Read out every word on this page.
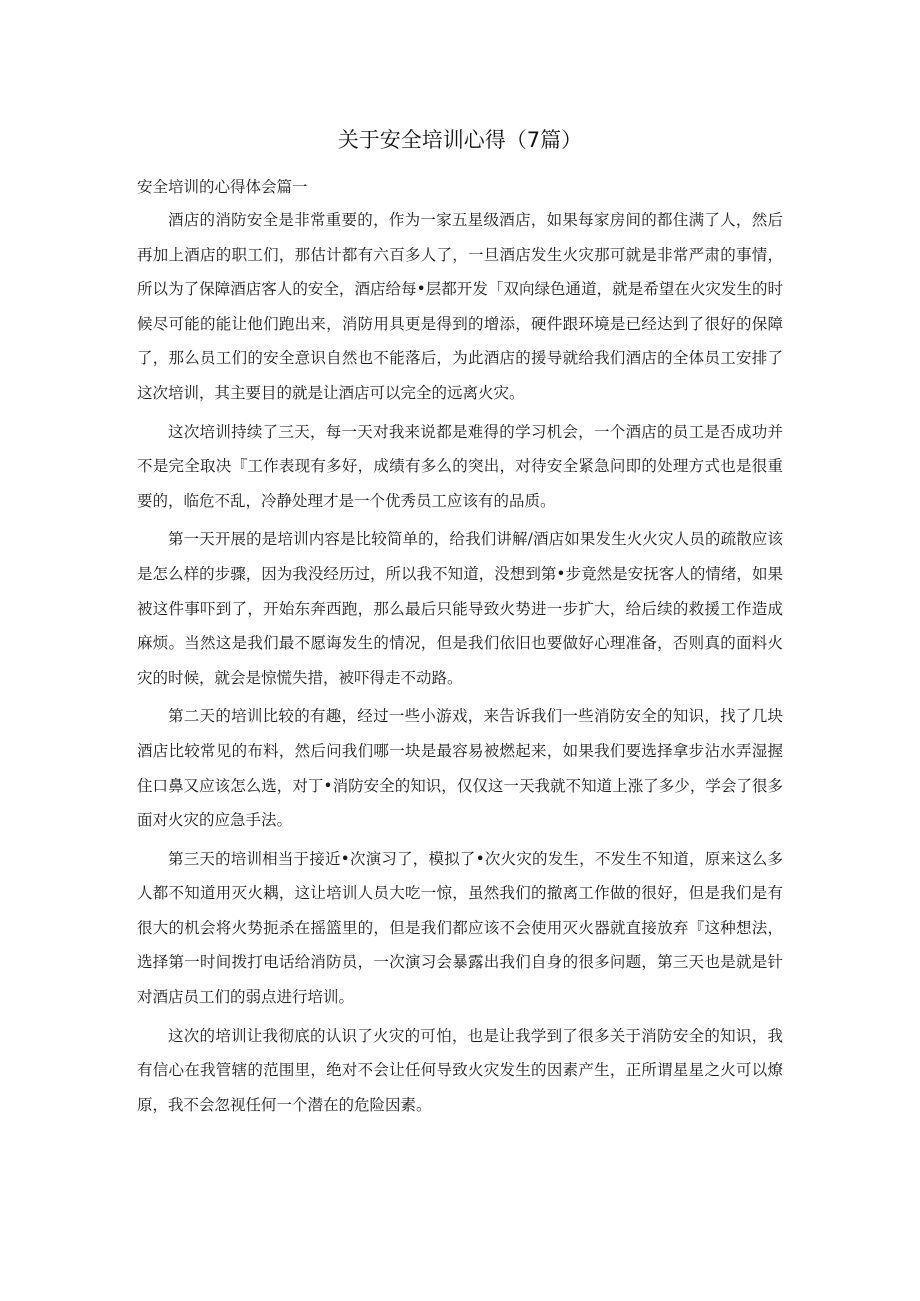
关于安全培训心得（7篇）
安全培训的心得体会篇一

酒店的消防安全是非常重要的，作为一家五星级酒店，如果每家房间的都住满了人，然后再加上酒店的职工们，那估计都有六百多人了，一旦酒店发生火灾那可就是非常严肃的事情，所以为了保障酒店客人的安全，酒店给每•层都开发「双向绿色通道，就是希望在火灾发生的时候尽可能的能让他们跑出来，消防用具更是得到的增添，硬件跟环境是已经达到了很好的保障了，那么员工们的安全意识自然也不能落后，为此酒店的援导就给我们酒店的全体员工安排了这次培训，其主要目的就是让酒店可以完全的远离火灾。

这次培训持续了三天，每一天对我来说都是难得的学习机会，一个酒店的员工是否成功并不是完全取决『工作表现有多好，成绩有多么的突出，对待安全紧急问即的处理方式也是很重要的，临危不乱，冷静处理才是一个优秀员工应该有的品质。

第一天开展的是培训内容是比较简单的，给我们讲解/酒店如果发生火火灾人员的疏散应该是怎么样的步骤，因为我没经历过，所以我不知道，没想到第•步竟然是安抚客人的情绪，如果被这件事吓到了，开始东奔西跑，那么最后只能导致火势进一步扩大，给后续的救援工作造成麻烦。当然这是我们最不愿诲发生的情况，但是我们依旧也要做好心理准备，否则真的面料火灾的时候，就会是惊慌失措，被吓得走不动路。

第二天的培训比较的有趣，经过一些小游戏，来告诉我们一些消防安全的知识，找了几块酒店比较常见的布料，然后问我们哪一块是最容易被燃起来，如果我们要选择拿步沾水弄湿握住口鼻又应该怎么选，对丁•消防安全的知识，仅仅这一天我就不知道上涨了多少，学会了很多面对火灾的应急手法。

第三天的培训相当于接近•次演习了，模拟了•次火灾的发生，不发生不知道，原来这么多人都不知道用灭火耦，这让培训人员大吃一惊，虽然我们的撤离工作做的很好，但是我们是有很大的机会将火势扼杀在摇篮里的，但是我们都应该不会使用灭火器就直接放弃『这种想法，选择第一时间拨打电话给消防员，一次演习会暴露出我们自身的很多问题，第三天也是就是针对酒店员工们的弱点进行培训。

这次的培训让我彻底的认识了火灾的可怕，也是让我学到了很多关于消防安全的知识，我有信心在我管辖的范围里，绝对不会让任何导致火灾发生的因素产生，正所谓星星之火可以燎原，我不会忽视任何一个潜在的危险因素。
